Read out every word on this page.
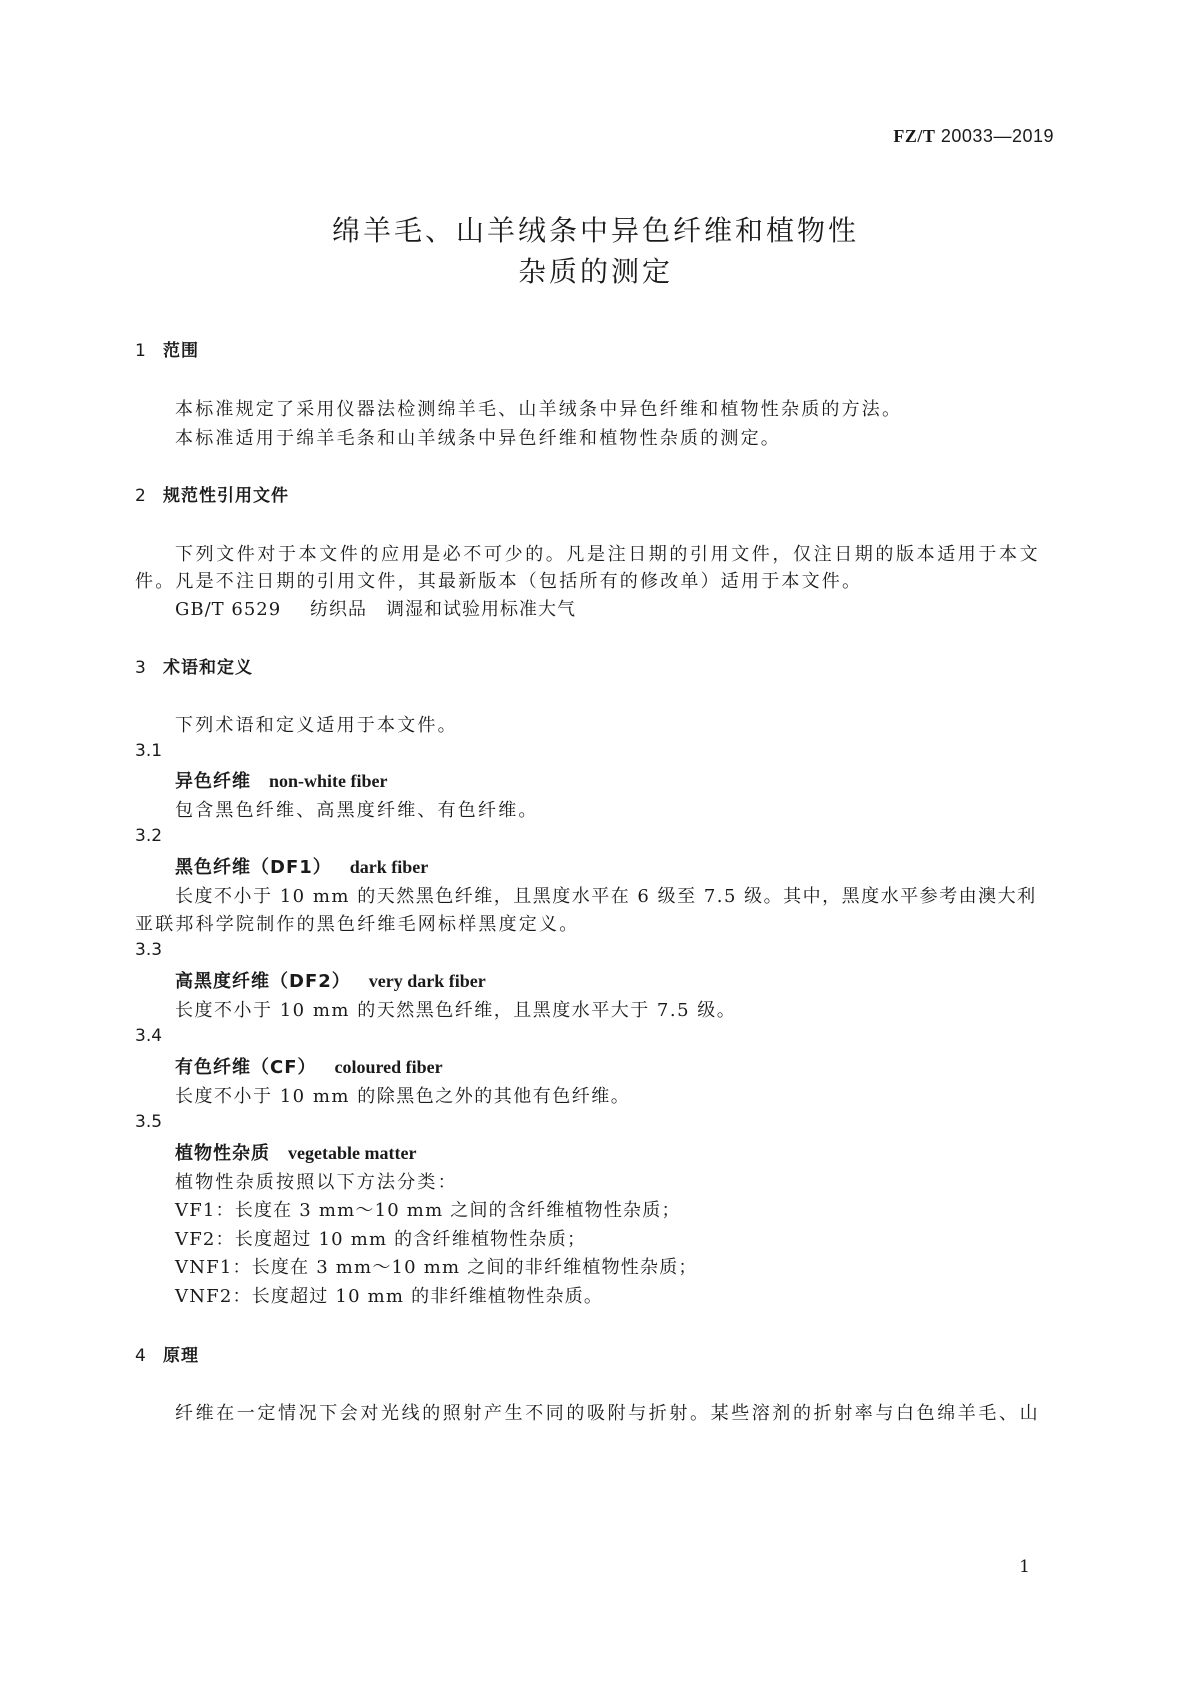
FZ/T 20033—2019
绵羊毛、山羊绒条中异色纤维和植物性
杂质的测定
1 范围
本标准规定了采用仪器法检测绵羊毛、山羊绒条中异色纤维和植物性杂质的方法。
本标准适用于绵羊毛条和山羊绒条中异色纤维和植物性杂质的测定。
2 规范性引用文件
下列文件对于本文件的应用是必不可少的。凡是注日期的引用文件，仅注日期的版本适用于本文
件。凡是不注日期的引用文件，其最新版本（包括所有的修改单）适用于本文件。
GB/T 6529 纺织品　调湿和试验用标准大气
3 术语和定义
下列术语和定义适用于本文件。
3.1
异色纤维 non-white fiber
包含黑色纤维、高黑度纤维、有色纤维。
3.2
黑色纤维（DF1） dark fiber
长度不小于 10 mm 的天然黑色纤维，且黑度水平在 6 级至 7.5 级。其中，黑度水平参考由澳大利
亚联邦科学院制作的黑色纤维毛网标样黑度定义。
3.3
高黑度纤维（DF2） very dark fiber
长度不小于 10 mm 的天然黑色纤维，且黑度水平大于 7.5 级。
3.4
有色纤维（CF） coloured fiber
长度不小于 10 mm 的除黑色之外的其他有色纤维。
3.5
植物性杂质 vegetable matter
植物性杂质按照以下方法分类：
VF1：长度在 3 mm～10 mm 之间的含纤维植物性杂质；
VF2：长度超过 10 mm 的含纤维植物性杂质；
VNF1：长度在 3 mm～10 mm 之间的非纤维植物性杂质；
VNF2：长度超过 10 mm 的非纤维植物性杂质。
4 原理
纤维在一定情况下会对光线的照射产生不同的吸附与折射。某些溶剂的折射率与白色绵羊毛、山
1
